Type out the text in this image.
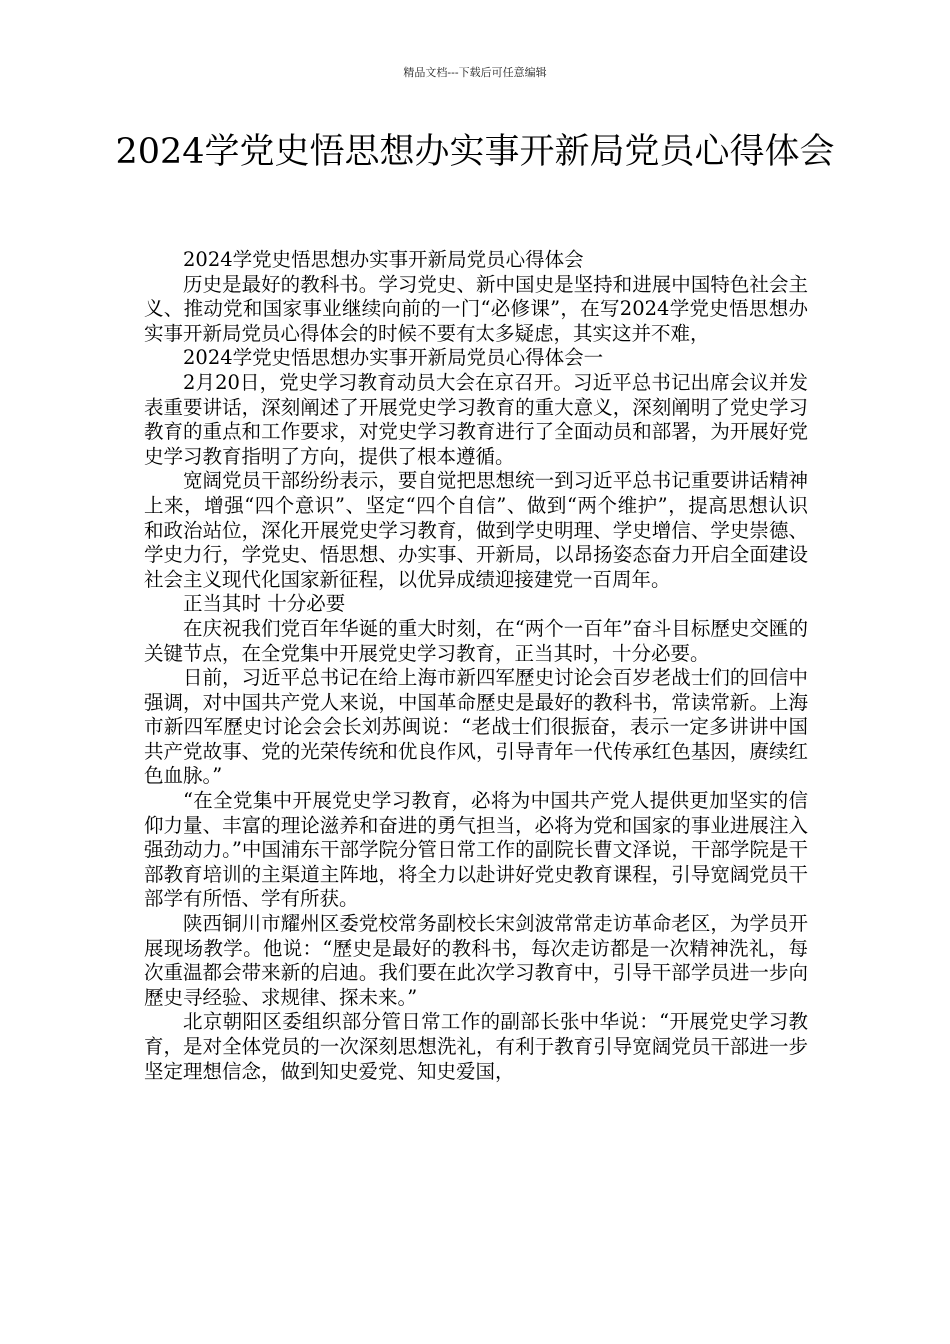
精品文档---下载后可任意编辑
2024学党史悟思想办实事开新局党员心得体会

2024学党史悟思想办实事开新局党员心得体会

历史是最好的教科书。学习党史、新中国史是坚持和进展中国特色社会主义、推动党和国家事业继续向前的一门“必修课”，在写2024学党史悟思想办实事开新局党员心得体会的时候不要有太多疑虑，其实这并不难，

2024学党史悟思想办实事开新局党员心得体会一

2月20日，党史学习教育动员大会在京召开。习近平总书记出席会议并发表重要讲话，深刻阐述了开展党史学习教育的重大意义，深刻阐明了党史学习教育的重点和工作要求，对党史学习教育进行了全面动员和部署，为开展好党史学习教育指明了方向，提供了根本遵循。

宽阔党员干部纷纷表示，要自觉把思想统一到习近平总书记重要讲话精神上来，增强“四个意识”、坚定“四个自信”、做到“两个维护”，提高思想认识和政治站位，深化开展党史学习教育，做到学史明理、学史增信、学史崇德、学史力行，学党史、悟思想、办实事、开新局，以昂扬姿态奋力开启全面建设社会主义现代化国家新征程，以优异成绩迎接建党一百周年。

正当其时 十分必要

在庆祝我们党百年华诞的重大时刻，在“两个一百年”奋斗目标歷史交匯的关键节点，在全党集中开展党史学习教育，正当其时，十分必要。

日前，习近平总书记在给上海市新四军歷史讨论会百岁老战士们的回信中强调，对中国共产党人来说，中国革命歷史是最好的教科书，常读常新。上海市新四军歷史讨论会会长刘苏闽说：“老战士们很振奋，表示一定多讲讲中国共产党故事、党的光荣传统和优良作风，引导青年一代传承红色基因，赓续红色血脉。”

“在全党集中开展党史学习教育，必将为中国共产党人提供更加坚实的信仰力量、丰富的理论滋养和奋进的勇气担当，必将为党和国家的事业进展注入强劲动力。”中国浦东干部学院分管日常工作的副院长曹文泽说，干部学院是干部教育培训的主渠道主阵地，将全力以赴讲好党史教育课程，引导宽阔党员干部学有所悟、学有所获。

陕西铜川市耀州区委党校常务副校长宋剑波常常走访革命老区，为学员开展现场教学。他说：“歷史是最好的教科书，每次走访都是一次精神洗礼，每次重温都会带来新的启迪。我们要在此次学习教育中，引导干部学员进一步向歷史寻经验、求规律、探未来。”

北京朝阳区委组织部分管日常工作的副部长张中华说：“开展党史学习教育，是对全体党员的一次深刻思想洗礼，有利于教育引导宽阔党员干部进一步坚定理想信念，做到知史爱党、知史爱国，
